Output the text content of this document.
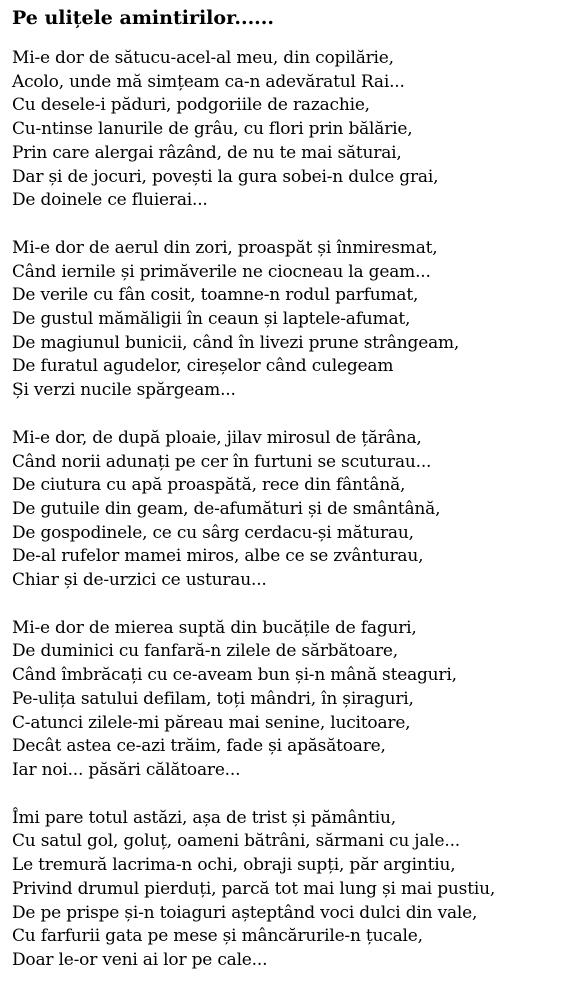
Pe ulițele amintirilor......
Mi-e dor de sătucu-acel-al meu, din copilărie,
Acolo, unde mă simțeam ca-n adevăratul Rai...
Cu desele-i păduri, podgoriile de razachie,
Cu-ntinse lanurile de grâu, cu flori prin bălărie,
Prin care alergai râzând, de nu te mai săturai,
Dar și de jocuri, povești la gura sobei-n dulce grai,
De doinele ce fluierai...
Mi-e dor de aerul din zori, proaspăt și înmiresmat,
Când iernile și primăverile ne ciocneau la geam...
De verile cu fân cosit, toamne-n rodul parfumat,
De gustul mămăligii în ceaun și laptele-afumat,
De magiunul bunicii, când în livezi prune strângeam,
De furatul agudelor, cireșelor când culegeam
Și verzi nucile spărgeam...
Mi-e dor, de după ploaie, jilav mirosul de țărâna,
Când norii adunați pe cer în furtuni se scuturau...
De ciutura cu apă proaspătă, rece din fântână,
De gutuile din geam, de-afumături și de smântână,
De gospodinele, ce cu sârg cerdacu-și măturau,
De-al rufelor mamei miros, albe ce se zvânturau,
Chiar și de-urzici ce usturau...
Mi-e dor de mierea suptă din bucățile de faguri,
De duminici cu fanfară-n zilele de sărbătoare,
Când îmbrăcați cu ce-aveam bun și-n mână steaguri,
Pe-ulița satului defilam, toți mândri, în șiraguri,
C-atunci zilele-mi păreau mai senine, lucitoare,
Decât astea ce-azi trăim, fade și apăsătoare,
Iar noi... păsări călătoare...
Îmi pare totul astăzi, așa de trist și pământiu,
Cu satul gol, goluț, oameni bătrâni, sărmani cu jale...
Le tremură lacrima-n ochi, obraji supți, păr argintiu,
Privind drumul pierduți, parcă tot mai lung și mai pustiu,
De pe prispe și-n toiaguri așteptând voci dulci din vale,
Cu farfurii gata pe mese și mâncărurile-n țucale,
Doar le-or veni ai lor pe cale...
